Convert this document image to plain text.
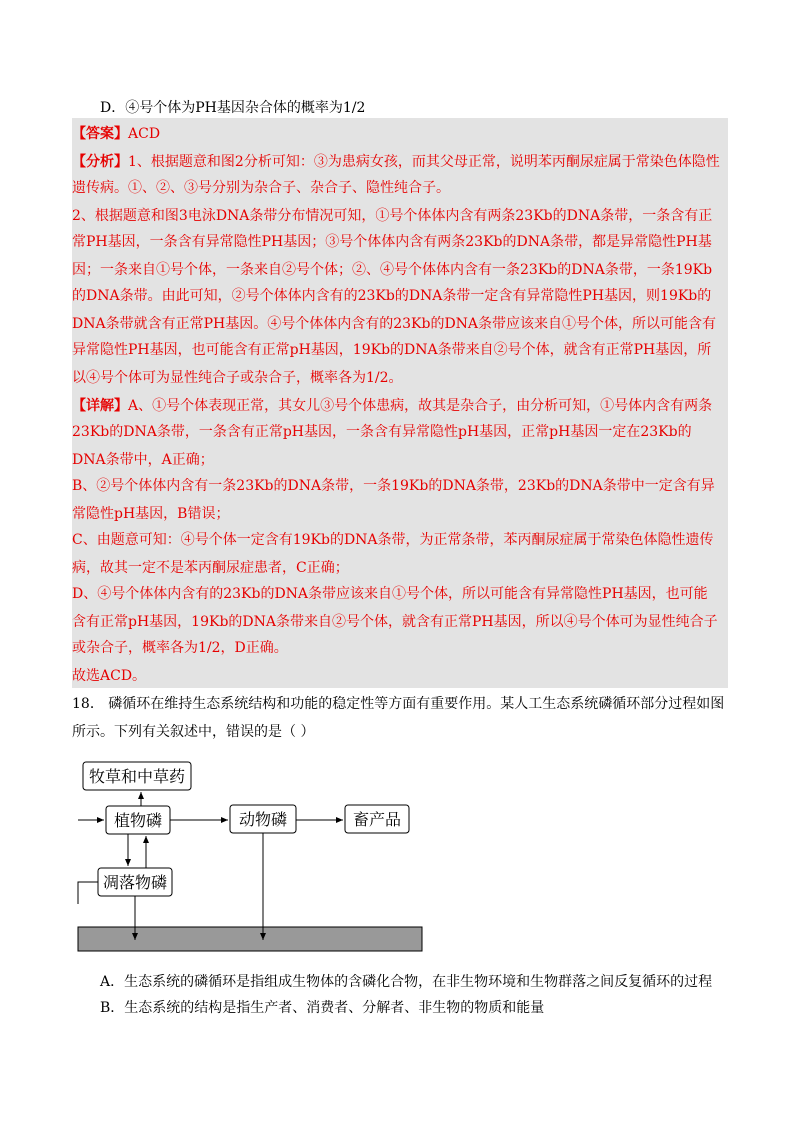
D．④号个体为PH基因杂合体的概率为1/2
【答案】ACD
【分析】1、根据题意和图2分析可知：③为患病女孩，而其父母正常，说明苯丙酮尿症属于常染色体隐性
遗传病。①、②、③号分别为杂合子、杂合子、隐性纯合子。
2、根据题意和图3电泳DNA条带分布情况可知，①号个体体内含有两条23Kb的DNA条带，一条含有正
常PH基因，一条含有异常隐性PH基因；③号个体体内含有两条23Kb的DNA条带，都是异常隐性PH基
因；一条来自①号个体，一条来自②号个体；②、④号个体体内含有一条23Kb的DNA条带，一条19Kb
的DNA条带。由此可知，②号个体体内含有的23Kb的DNA条带一定含有异常隐性PH基因，则19Kb的
DNA条带就含有正常PH基因。④号个体体内含有的23Kb的DNA条带应该来自①号个体，所以可能含有
异常隐性PH基因，也可能含有正常pH基因，19Kb的DNA条带来自②号个体，就含有正常PH基因，所
以④号个体可为显性纯合子或杂合子，概率各为1/2。
【详解】A、①号个体表现正常，其女儿③号个体患病，故其是杂合子，由分析可知，①号体内含有两条
23Kb的DNA条带，一条含有正常pH基因，一条含有异常隐性pH基因，正常pH基因一定在23Kb的
DNA条带中，A正确；
B、②号个体体内含有一条23Kb的DNA条带，一条19Kb的DNA条带，23Kb的DNA条带中一定含有异
常隐性pH基因，B错误；
C、由题意可知：④号个体一定含有19Kb的DNA条带，为正常条带，苯丙酮尿症属于常染色体隐性遗传
病，故其一定不是苯丙酮尿症患者，C正确；
D、④号个体体内含有的23Kb的DNA条带应该来自①号个体，所以可能含有异常隐性PH基因，也可能
含有正常pH基因，19Kb的DNA条带来自②号个体，就含有正常PH基因，所以④号个体可为显性纯合子
或杂合子，概率各为1/2，D正确。
故选ACD。
18． 磷循环在维持生态系统结构和功能的稳定性等方面有重要作用。某人工生态系统磷循环部分过程如图
所示。下列有关叙述中，错误的是（ ）
牧草和中草药
植物磷	动物磷	畜产品
凋落物磷
A．生态系统的磷循环是指组成生物体的含磷化合物，在非生物环境和生物群落之间反复循环的过程
B．生态系统的结构是指生产者、消费者、分解者、非生物的物质和能量
